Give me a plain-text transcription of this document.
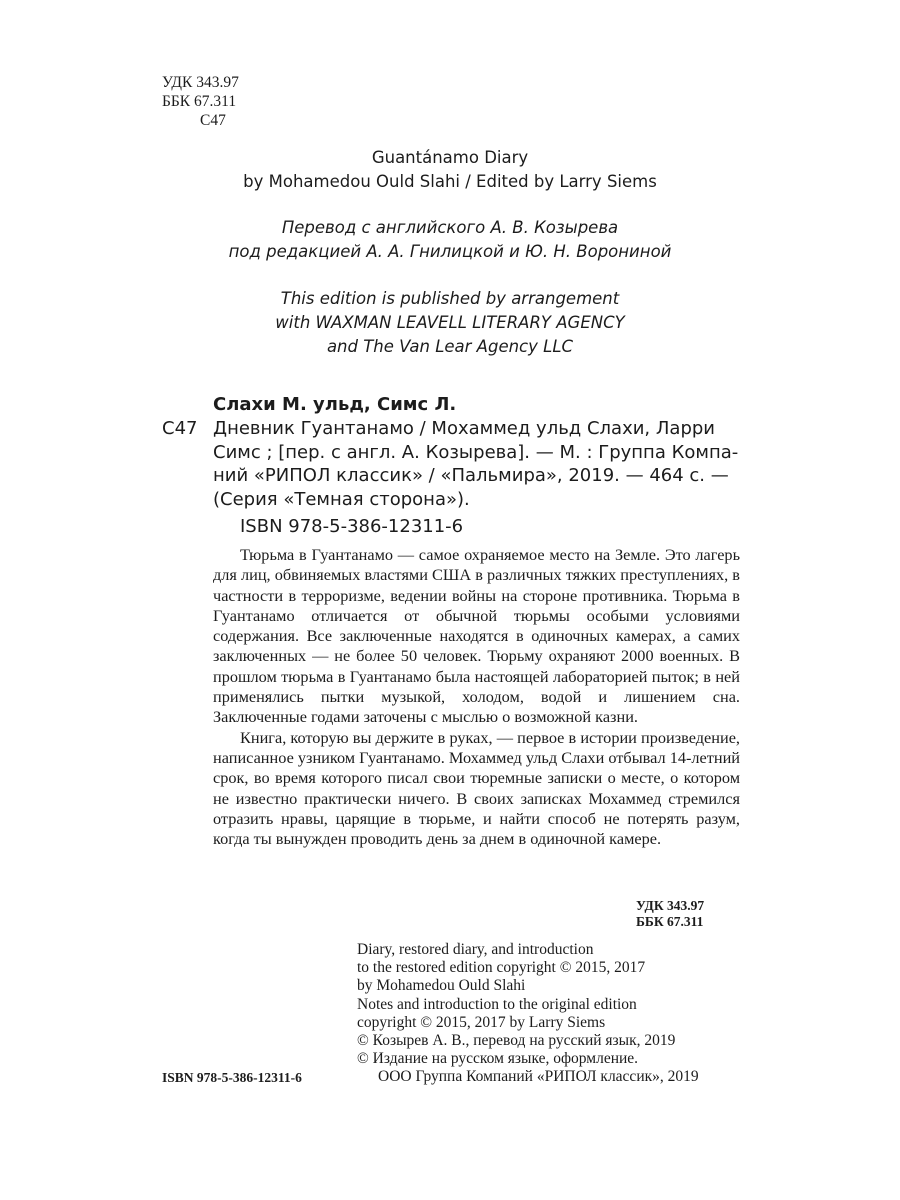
УДК 343.97
ББК 67.311
С47
Guantánamo Diary
by Mohamedou Ould Slahi / Edited by Larry Siems
Перевод с английского А. В. Козырева
под редакцией А. А. Гнилицкой и Ю. Н. Ворониной
This edition is published by arrangement
with WAXMAN LEAVELL LITERARY AGENCY
and The Van Lear Agency LLC
Слахи М. ульд, Симс Л.
С47 Дневник Гуантанамо / Мохаммед ульд Слахи, Ларри
Симс ; [пер. с англ. А. Козырева]. — М. : Группа Компа-
ний «РИПОЛ классик» / «Пальмира», 2019. — 464 с. —
(Серия «Темная сторона»).
ISBN 978-5-386-12311-6

Тюрьма в Гуантанамо — самое охраняемое место на Земле. Это лагерь для лиц, обвиняемых властями США в различных тяжких преступлениях, в частности в терроризме, ведении войны на стороне противника. Тюрьма в Гуантанамо отличается от обычной тюрьмы особыми условиями содержания. Все заключенные находятся в одиночных камерах, а самих заключенных — не более 50 человек. Тюрьму охраняют 2000 военных. В прошлом тюрьма в Гуантанамо была настоящей лабораторией пыток; в ней применялись пытки музыкой, холодом, водой и лишением сна. Заключенные годами заточены с мыслью о возможной казни.

Книга, которую вы держите в руках, — первое в истории произведение, написанное узником Гуантанамо. Мохаммед ульд Слахи отбывал 14-летний срок, во время которого писал свои тюремные записки о месте, о котором не известно практически ничего. В своих записках Мохаммед стремился отразить нравы, царящие в тюрьме, и найти способ не потерять разум, когда ты вынужден проводить день за днем в одиночной камере.

УДК 343.97
ББК 67.311
Diary, restored diary, and introduction
to the restored edition copyright © 2015, 2017
by Mohamedou Ould Slahi
Notes and introduction to the original edition
copyright © 2015, 2017 by Larry Siems
© Козырев А. В., перевод на русский язык, 2019
© Издание на русском языке, оформление.
ООО Группа Компаний «РИПОЛ классик», 2019
ISBN 978-5-386-12311-6
